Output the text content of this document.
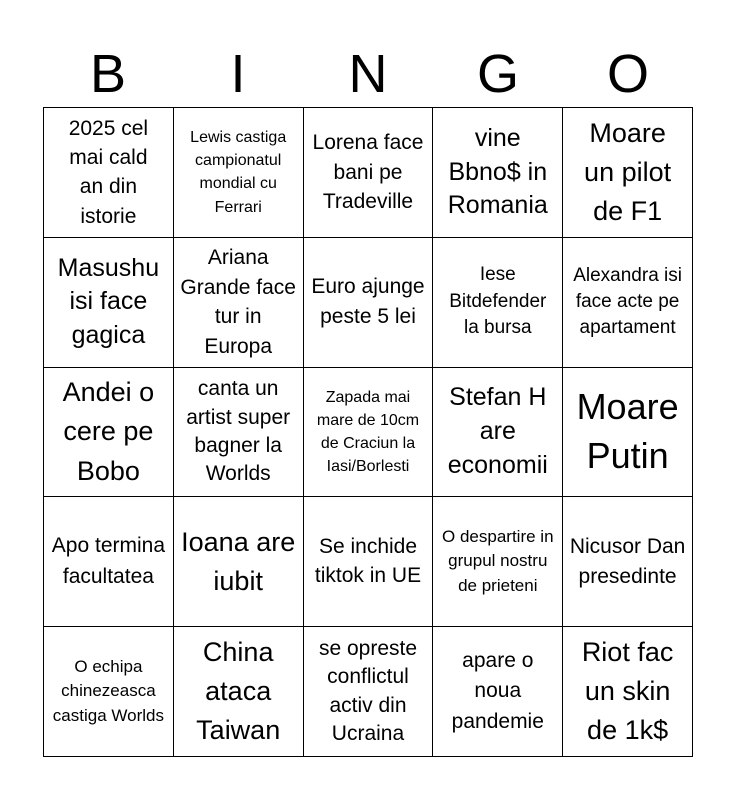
B	I	N	G	O
2025 cel mai cald an din istorie
Lewis castiga campionatul mondial cu Ferrari
Lorena face bani pe Tradeville
vine Bbno$ in Romania
Moare un pilot de F1
Masushu isi face gagica
Ariana Grande face tur in Europa
Euro ajunge peste 5 lei
Iese Bitdefender la bursa
Alexandra isi face acte pe apartament
Andei o cere pe Bobo
canta un artist super bagner la Worlds
Zapada mai mare de 10cm de Craciun la Iasi/Borlesti
Stefan H are economii
Moare Putin
Apo termina facultatea
Ioana are iubit
Se inchide tiktok in UE
O despartire in grupul nostru de prieteni
Nicusor Dan presedinte
O echipa chinezeasca castiga Worlds
China ataca Taiwan
se opreste conflictul activ din Ucraina
apare o noua pandemie
Riot fac un skin de 1k$
